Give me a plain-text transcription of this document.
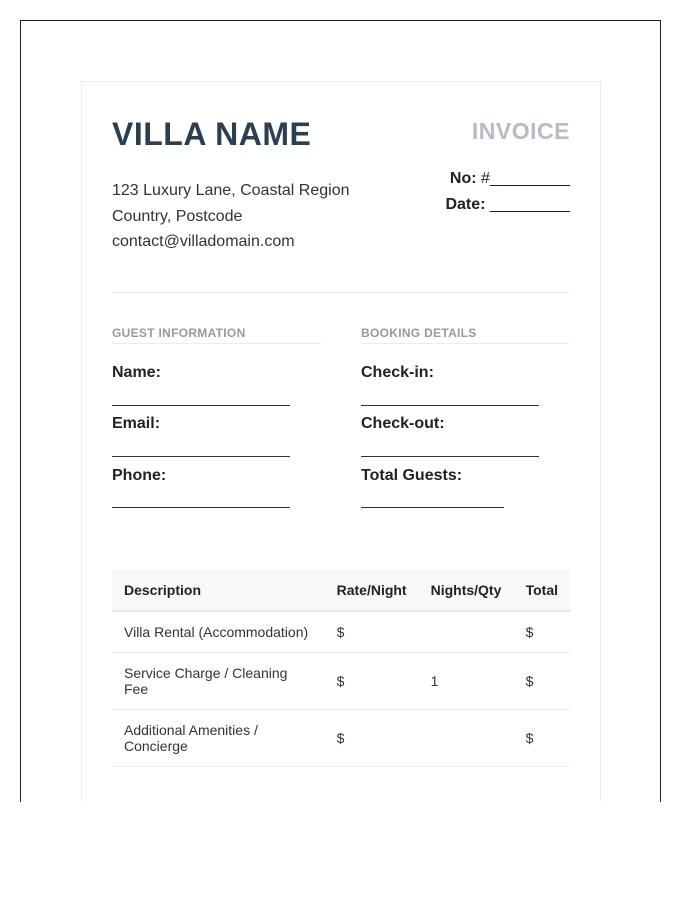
VILLA NAME	INVOICE
123 Luxury Lane, Coastal Region
Country, Postcode
contact@villadomain.com
No: #_________
Date: _________
GUEST INFORMATION
Name:
Email:
Phone:
BOOKING DETAILS
Check-in:
Check-out:
Total Guests:
Description	Rate/Night	Nights/Qty	Total
Villa Rental (Accommodation)	$		$
Service Charge / Cleaning Fee	$	1	$
Additional Amenities / Concierge	$		$
